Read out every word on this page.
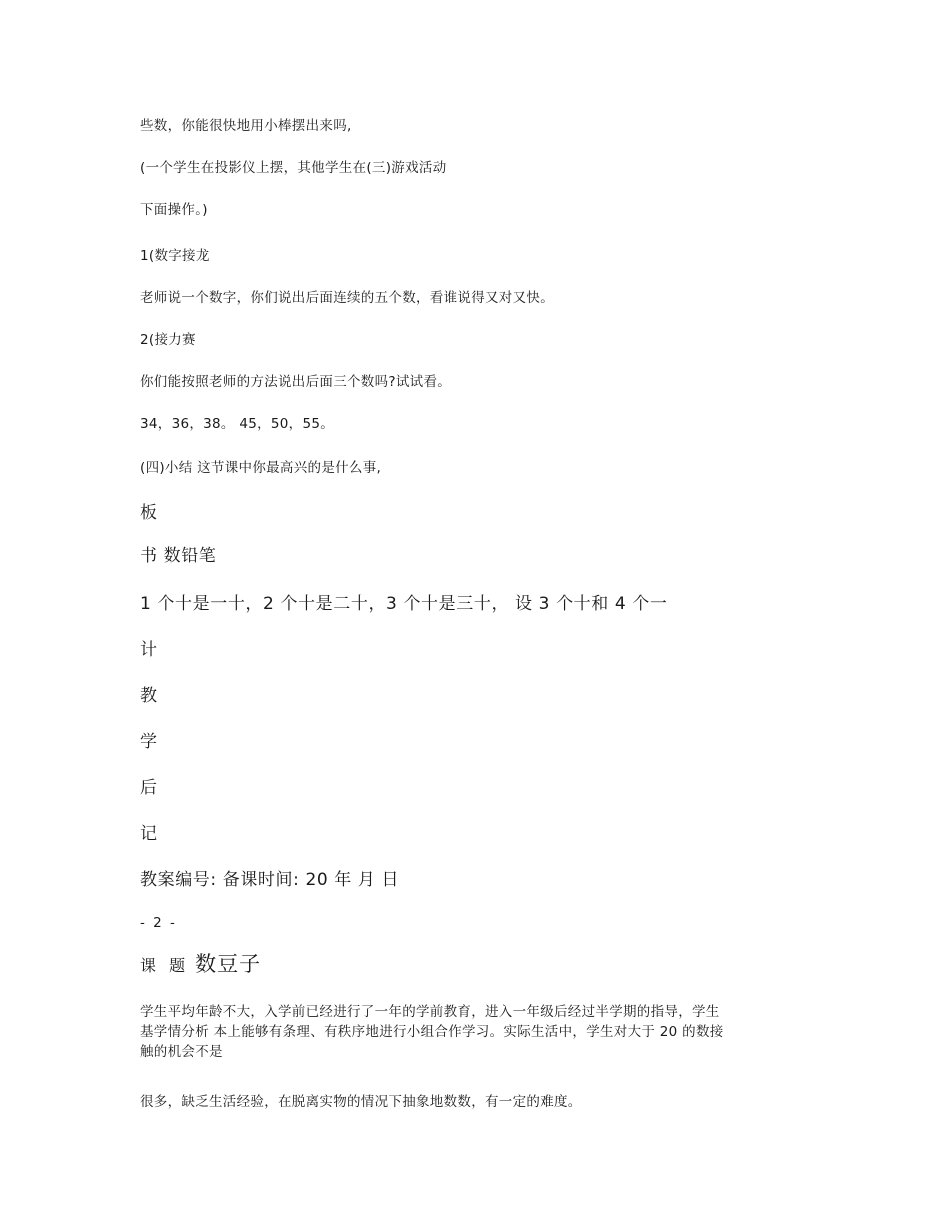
些数，你能很快地用小棒摆出来吗,
(一个学生在投影仪上摆，其他学生在(三)游戏活动
下面操作。)
1(数字接龙
老师说一个数字，你们说出后面连续的五个数，看谁说得又对又快。
2(接力赛
你们能按照老师的方法说出后面三个数吗?试试看。
34，36，38。 45，50，55。
(四)小结 这节课中你最高兴的是什么事,
板
书 数铅笔
1 个十是一十，2 个十是二十，3 个十是三十， 设 3 个十和 4 个一
计
教
学
后
记
教案编号: 备课时间: 20 年 月 日
- 2 -
课 题 数豆子
学生平均年龄不大，入学前已经进行了一年的学前教育，进入一年级后经过半学期的指导，学生
基学情分析 本上能够有条理、有秩序地进行小组合作学习。实际生活中，学生对大于 20 的数接
触的机会不是
很多，缺乏生活经验，在脱离实物的情况下抽象地数数，有一定的难度。
